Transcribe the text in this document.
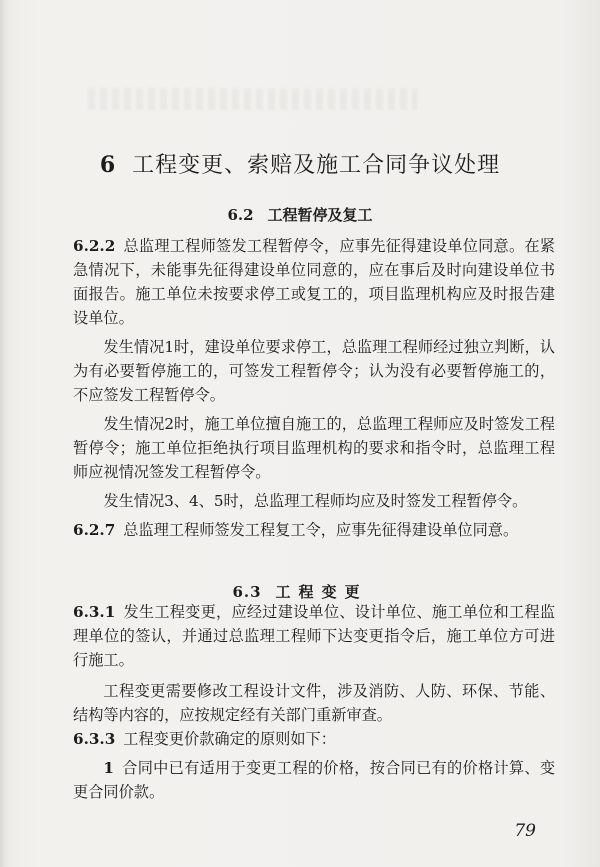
6 工程变更、索赔及施工合同争议处理
6.2 工程暂停及复工

6.2.2 总监理工程师签发工程暂停令，应事先征得建设单位同意。在紧急情况下，未能事先征得建设单位同意的，应在事后及时向建设单位书面报告。施工单位未按要求停工或复工的，项目监理机构应及时报告建设单位。

发生情况1时，建设单位要求停工，总监理工程师经过独立判断，认为有必要暂停施工的，可签发工程暂停令；认为没有必要暂停施工的，不应签发工程暂停令。

发生情况2时，施工单位擅自施工的，总监理工程师应及时签发工程暂停令；施工单位拒绝执行项目监理机构的要求和指令时，总监理工程师应视情况签发工程暂停令。

发生情况3、4、5时，总监理工程师均应及时签发工程暂停令。

6.2.7 总监理工程师签发工程复工令，应事先征得建设单位同意。

6.3.1 发生工程变更，应经过建设单位、设计单位、施工单位和工程监理单位的签认，并通过总监理工程师下达变更指令后，施工单位方可进行施工。

工程变更需要修改工程设计文件，涉及消防、人防、环保、节能、结构等内容的，应按规定经有关部门重新审查。

6.3.3 工程变更价款确定的原则如下：

1 合同中已有适用于变更工程的价格，按合同已有的价格计算、变更合同价款。

6.3 工程变更
79
